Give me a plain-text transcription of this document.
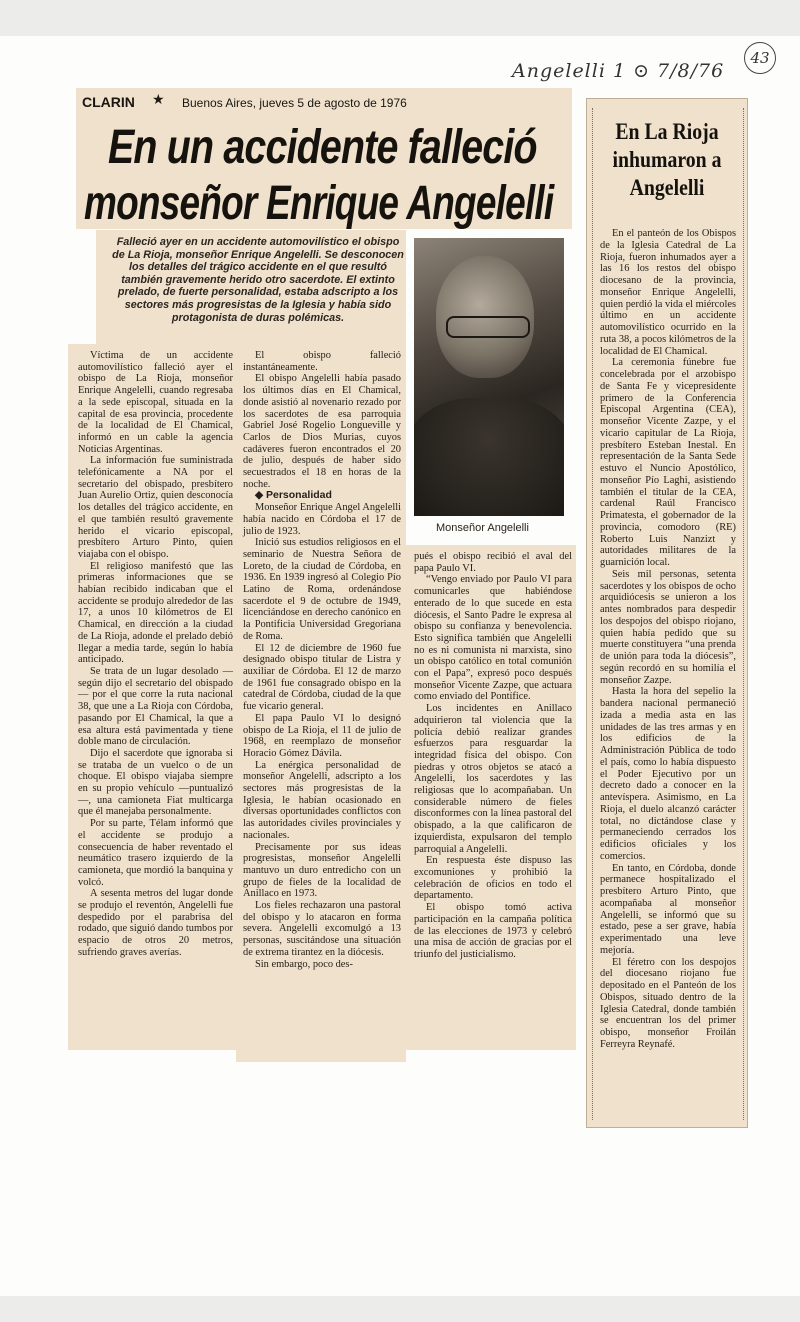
Angelelli 1 ⊙ 7/8/76
43
CLARIN ★ Buenos Aires, jueves 5 de agosto de 1976
En un accidente falleció
monseñor Enrique Angelelli
Falleció ayer en un accidente automovilístico el obispo de La Rioja, monseñor Enrique Angelelli. Se desconocen los detalles del trágico accidente en el que resultó también gravemente herido otro sacerdote. El extinto prelado, de fuerte personalidad, estaba adscripto a los sectores más progresistas de la Iglesia y había sido protagonista de duras polémicas.
Monseñor Angelelli

Víctima de un accidente automovilístico falleció ayer el obispo de La Rioja, monseñor Enrique Angelelli, cuando regresaba a la sede episcopal, situada en la capital de esa provincia, procedente de la localidad de El Chamical, informó en un cable la agencia Noticias Argentinas.

La información fue suministrada telefónicamente a NA por el secretario del obispado, presbítero Juan Aurelio Ortiz, quien desconocía los detalles del trágico accidente, en el que también resultó gravemente herido el vicario episcopal, presbítero Arturo Pinto, quien viajaba con el obispo.

El religioso manifestó que las primeras informaciones que se habían recibido indicaban que el accidente se produjo alrededor de las 17, a unos 10 kilómetros de El Chamical, en dirección a la ciudad de La Rioja, adonde el prelado debió llegar a media tarde, según lo había anticipado.

Se trata de un lugar desolado —según dijo el secretario del obispado— por el que corre la ruta nacional 38, que une a La Rioja con Córdoba, pasando por El Chamical, la que a esa altura está pavimentada y tiene doble mano de circulación.

Dijo el sacerdote que ignoraba si se trataba de un vuelco o de un choque. El obispo viajaba siempre en su propio vehículo —puntualizó—, una camioneta Fiat multicarga que él manejaba personalmente.

Por su parte, Télam informó que el accidente se produjo a consecuencia de haber reventado el neumático trasero izquierdo de la camioneta, que mordió la banquina y volcó.

A sesenta metros del lugar donde se produjo el reventón, Angelelli fue despedido por el parabrisa del rodado, que siguió dando tumbos por espacio de otros 20 metros, sufriendo graves averías.

El obispo falleció instantáneamente.

El obispo Angelelli había pasado los últimos días en El Chamical, donde asistió al novenario rezado por los sacerdotes de esa parroquia Gabriel José Rogelio Longueville y Carlos de Dios Murias, cuyos cadáveres fueron encontrados el 20 de julio, después de haber sido secuestrados el 18 en horas de la noche.

◆ Personalidad

Monseñor Enrique Angel Angelelli había nacido en Córdoba el 17 de julio de 1923.

Inició sus estudios religiosos en el seminario de Nuestra Señora de Loreto, de la ciudad de Córdoba, en 1936. En 1939 ingresó al Colegio Pío Latino de Roma, ordenándose sacerdote el 9 de octubre de 1949, licenciándose en derecho canónico en la Pontificia Universidad Gregoriana de Roma.

El 12 de diciembre de 1960 fue designado obispo titular de Listra y auxiliar de Córdoba. El 12 de marzo de 1961 fue consagrado obispo en la catedral de Córdoba, ciudad de la que fue vicario general.

El papa Paulo VI lo designó obispo de La Rioja, el 11 de julio de 1968, en reemplazo de monseñor Horacio Gómez Dávila.

La enérgica personalidad de monseñor Angelelli, adscripto a los sectores más progresistas de la Iglesia, le habían ocasionado en diversas oportunidades conflictos con las autoridades civiles provinciales y nacionales.

Precisamente por sus ideas progresistas, monseñor Angelelli mantuvo un duro entredicho con un grupo de fieles de la localidad de Anillaco en 1973.

Los fieles rechazaron una pastoral del obispo y lo atacaron en forma severa. Angelelli excomulgó a 13 personas, suscitándose una situación de extrema tirantez en la diócesis.

Sin embargo, poco des-

pués el obispo recibió el aval del papa Paulo VI.

“Vengo enviado por Paulo VI para comunicarles que habiéndose enterado de lo que sucede en esta diócesis, el Santo Padre le expresa al obispo su confianza y benevolencia. Esto significa también que Angelelli no es ni comunista ni marxista, sino un obispo católico en total comunión con el Papa”, expresó poco después monseñor Vicente Zazpe, que actuara como enviado del Pontífice.

Los incidentes en Anillaco adquirieron tal violencia que la policía debió realizar grandes esfuerzos para resguardar la integridad física del obispo. Con piedras y otros objetos se atacó a Angelelli, los sacerdotes y las religiosas que lo acompañaban. Un considerable número de fieles disconformes con la línea pastoral del obispado, a la que calificaron de izquierdista, expulsaron del templo parroquial a Angelelli.

En respuesta éste dispuso las excomuniones y prohibió la celebración de oficios en todo el departamento.

El obispo tomó activa participación en la campaña política de las elecciones de 1973 y celebró una misa de acción de gracias por el triunfo del justicialismo.

En La Rioja inhumaron a Angelelli

En el panteón de los Obispos de la Iglesia Catedral de La Rioja, fueron inhumados ayer a las 16 los restos del obispo diocesano de la provincia, monseñor Enrique Angelelli, quien perdió la vida el miércoles último en un accidente automovilístico ocurrido en la ruta 38, a pocos kilómetros de la localidad de El Chamical.

La ceremonia fúnebre fue concelebrada por el arzobispo de Santa Fe y vicepresidente primero de la Conferencia Episcopal Argentina (CEA), monseñor Vicente Zazpe, y el vicario capitular de La Rioja, presbítero Esteban Inestal. En representación de la Santa Sede estuvo el Nuncio Apostólico, monseñor Pío Laghi, asistiendo también el titular de la CEA, cardenal Raúl Francisco Primatesta, el gobernador de la provincia, comodoro (RE) Roberto Luis Nanzizt y autoridades militares de la guarnición local.

Seis mil personas, setenta sacerdotes y los obispos de ocho arquidiócesis se unieron a los antes nombrados para despedir los despojos del obispo riojano, quien había pedido que su muerte constituyera “una prenda de unión para toda la diócesis”, según recordó en su homilía el monseñor Zazpe.

Hasta la hora del sepelio la bandera nacional permaneció izada a media asta en las unidades de las tres armas y en los edificios de la Administración Pública de todo el país, como lo había dispuesto el Poder Ejecutivo por un decreto dado a conocer en la antevíspera. Asimismo, en La Rioja, el duelo alcanzó carácter total, no dictándose clase y permaneciendo cerrados los edificios oficiales y los comercios.

En tanto, en Córdoba, donde permanece hospitalizado el presbítero Arturo Pinto, que acompañaba al monseñor Angelelli, se informó que su estado, pese a ser grave, había experimentado una leve mejoría.

El féretro con los despojos del diocesano riojano fue depositado en el Panteón de los Obispos, situado dentro de la Iglesia Catedral, donde también se encuentran los del primer obispo, monseñor Froilán Ferreyra Reynafé.
